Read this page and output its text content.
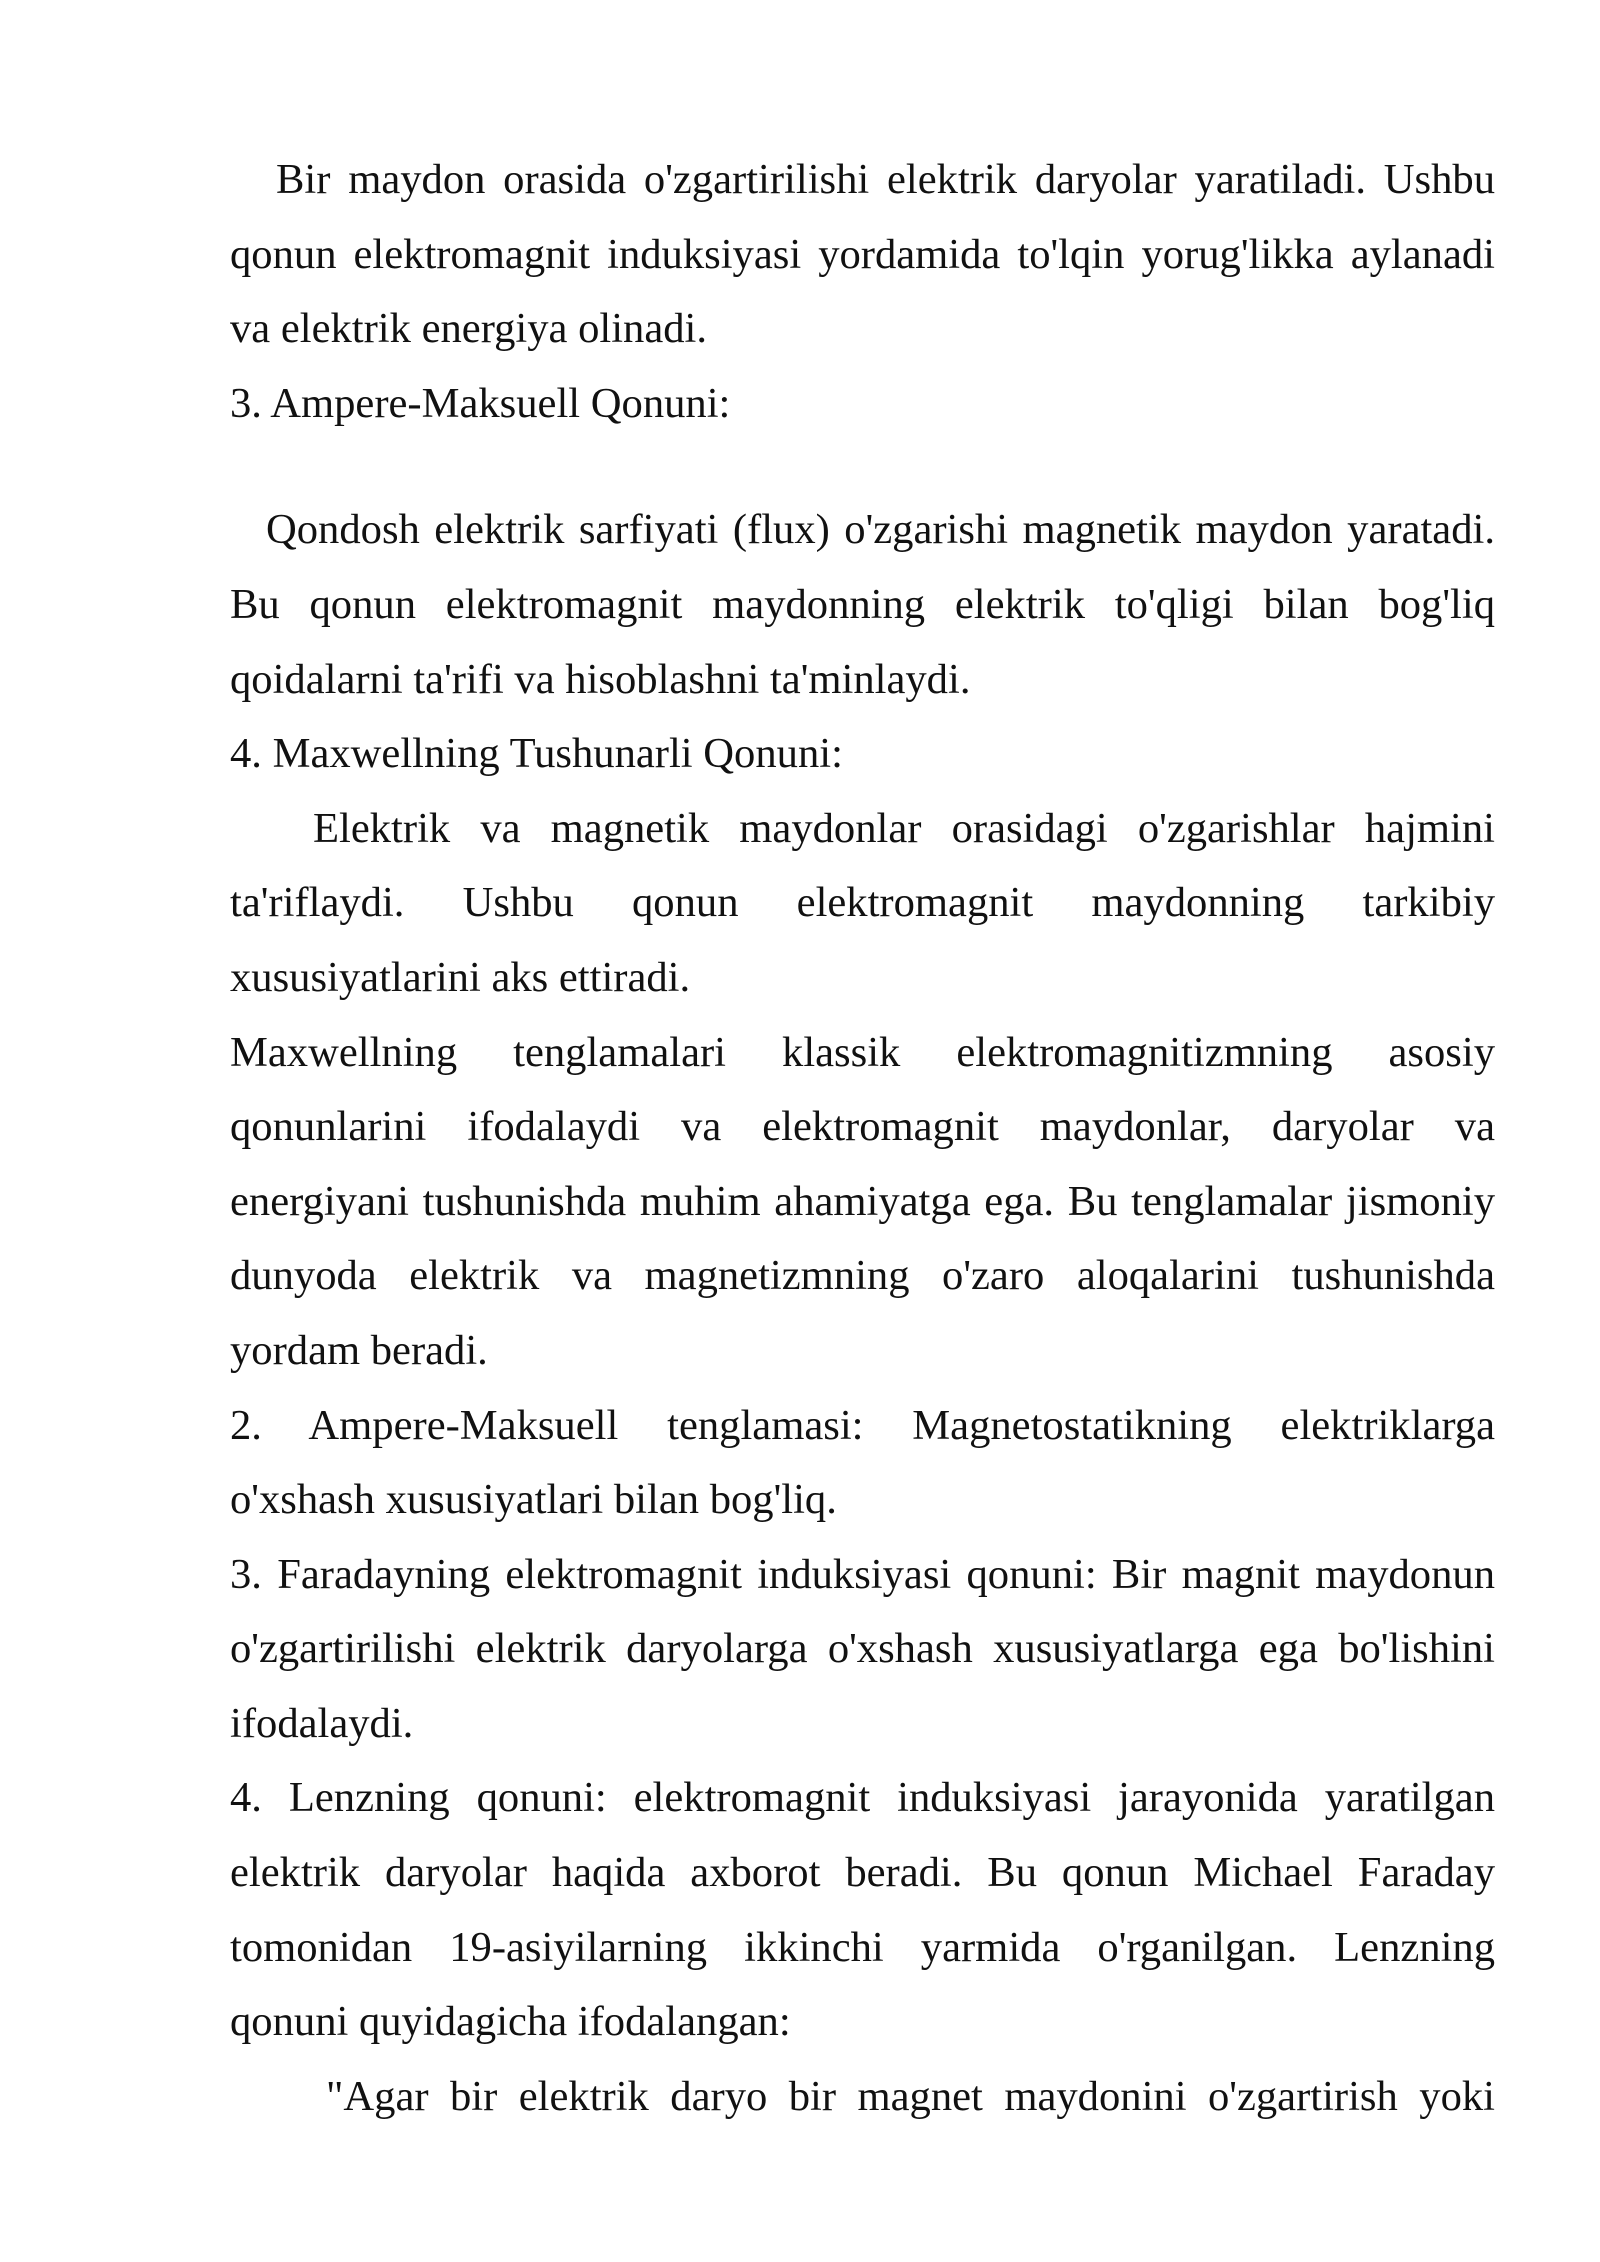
Bir maydon orasida o'zgartirilishi elektrik daryolar yaratiladi. Ushbu
qonun elektromagnit induksiyasi yordamida to'lqin yorug'likka aylanadi
va elektrik energiya olinadi.
3. Ampere-Maksuell Qonuni:
Qondosh elektrik sarfiyati (flux) o'zgarishi magnetik maydon yaratadi.
Bu qonun elektromagnit maydonning elektrik to'qligi bilan bog'liq
qoidalarni ta'rifi va hisoblashni ta'minlaydi.
4. Maxwellning Tushunarli Qonuni:
Elektrik va magnetik maydonlar orasidagi o'zgarishlar hajmini
ta'riflaydi. Ushbu qonun elektromagnit maydonning tarkibiy
xususiyatlarini aks ettiradi.
Maxwellning tenglamalari klassik elektromagnitizmning asosiy
qonunlarini ifodalaydi va elektromagnit maydonlar, daryolar va
energiyani tushunishda muhim ahamiyatga ega. Bu tenglamalar jismoniy
dunyoda elektrik va magnetizmning o'zaro aloqalarini tushunishda
yordam beradi.
2. Ampere-Maksuell tenglamasi: Magnetostatikning elektriklarga
o'xshash xususiyatlari bilan bog'liq.
3. Faradayning elektromagnit induksiyasi qonuni: Bir magnit maydonun
o'zgartirilishi elektrik daryolarga o'xshash xususiyatlarga ega bo'lishini
ifodalaydi.
4. Lenzning qonuni: elektromagnit induksiyasi jarayonida yaratilgan
elektrik daryolar haqida axborot beradi. Bu qonun Michael Faraday
tomonidan 19-asiyilarning ikkinchi yarmida o'rganilgan. Lenzning
qonuni quyidagicha ifodalangan:
"Agar bir elektrik daryo bir magnet maydonini o'zgartirish yoki
